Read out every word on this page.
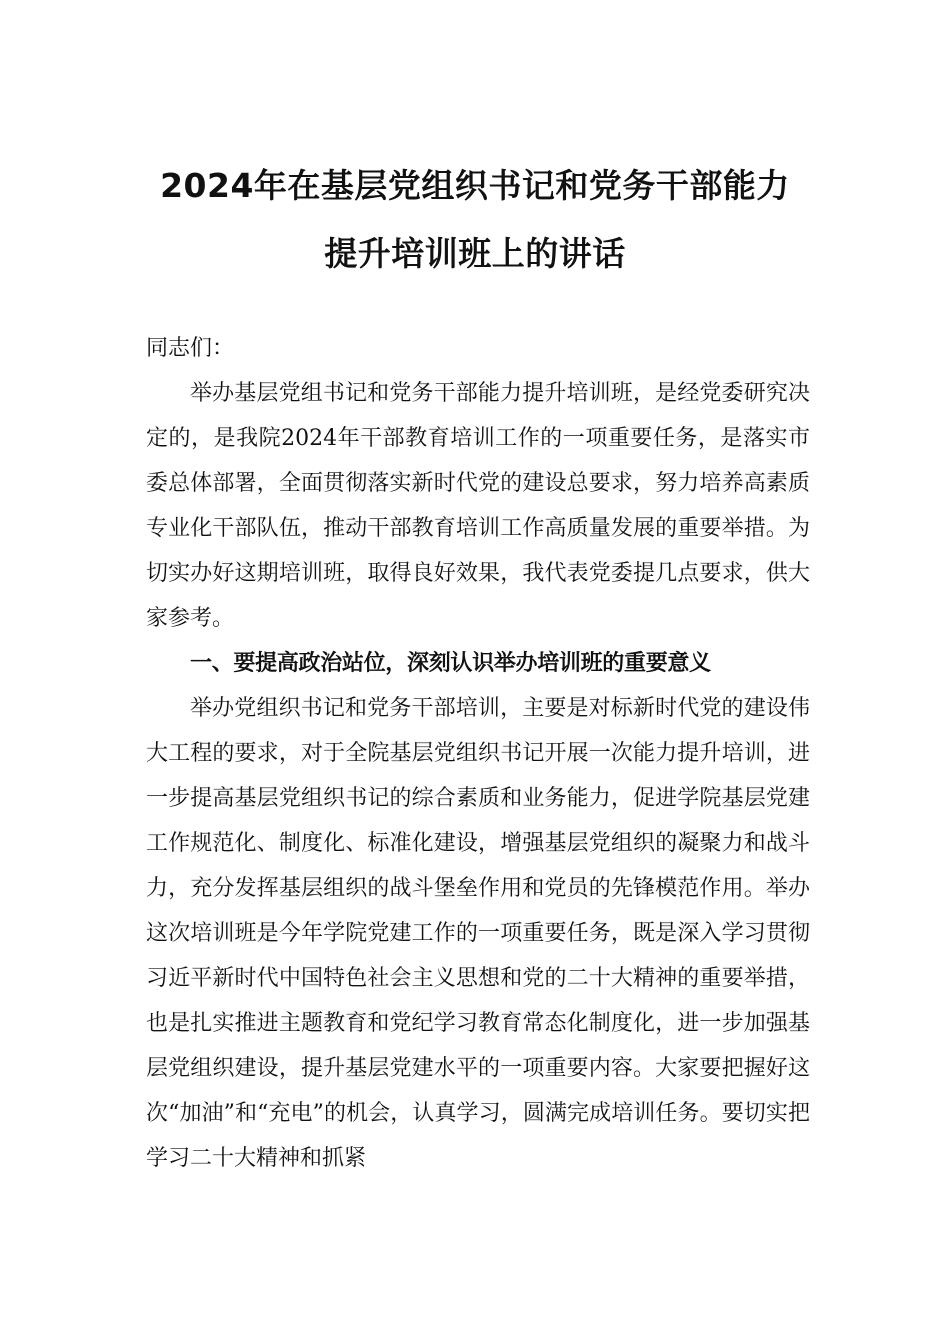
2024年在基层党组织书记和党务干部能力
提升培训班上的讲话

同志们：

举办基层党组书记和党务干部能力提升培训班，是经党委研究决定的，是我院2024年干部教育培训工作的一项重要任务，是落实市委总体部署，全面贯彻落实新时代党的建设总要求，努力培养高素质专业化干部队伍，推动干部教育培训工作高质量发展的重要举措。为切实办好这期培训班，取得良好效果，我代表党委提几点要求，供大家参考。

一、要提高政治站位，深刻认识举办培训班的重要意义

举办党组织书记和党务干部培训，主要是对标新时代党的建设伟大工程的要求，对于全院基层党组织书记开展一次能力提升培训，进一步提高基层党组织书记的综合素质和业务能力，促进学院基层党建工作规范化、制度化、标准化建设，增强基层党组织的凝聚力和战斗力，充分发挥基层组织的战斗堡垒作用和党员的先锋模范作用。举办这次培训班是今年学院党建工作的一项重要任务，既是深入学习贯彻习近平新时代中国特色社会主义思想和党的二十大精神的重要举措，也是扎实推进主题教育和党纪学习教育常态化制度化，进一步加强基层党组织建设，提升基层党建水平的一项重要内容。大家要把握好这次“加油”和“充电”的机会，认真学习，圆满完成培训任务。要切实把学习二十大精神和抓紧
